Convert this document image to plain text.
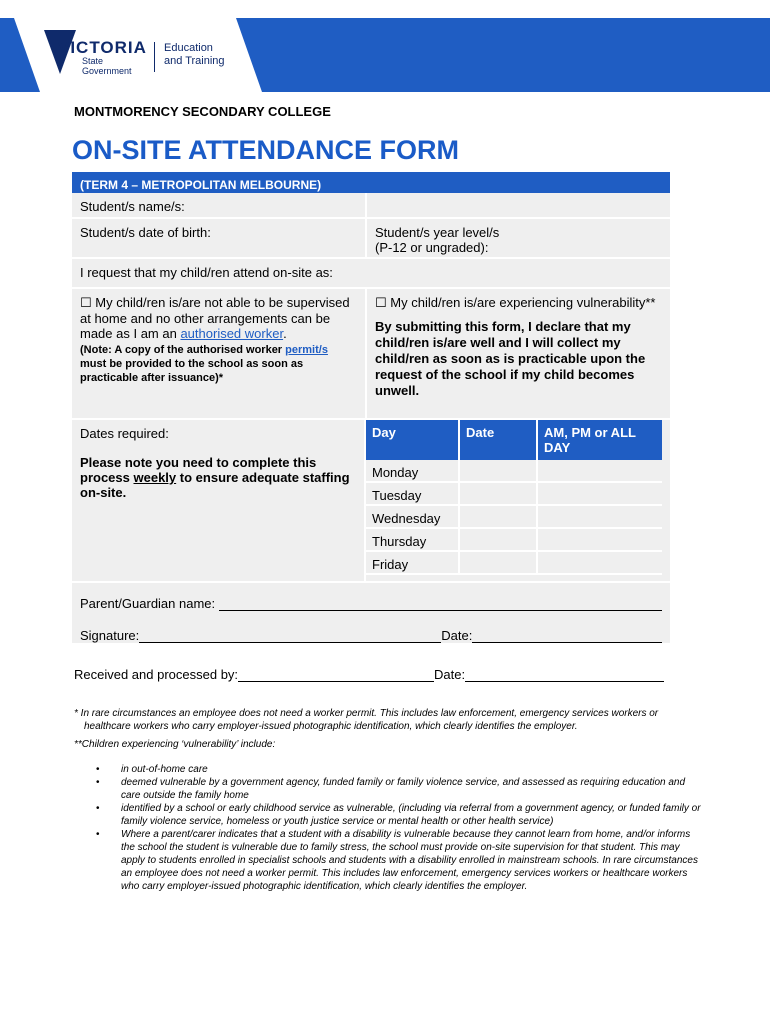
VICTORIA
State
Government
Education
and Training
MONTMORENCY SECONDARY COLLEGE
ON-SITE ATTENDANCE FORM
(TERM 4 – METROPOLITAN MELBOURNE)
Student/s name/s:
Student/s date of birth:	Student/s year level/s
(P-12 or ungraded):
I request that my child/ren attend on-site as:
☐ My child/ren is/are not able to be supervised at home and no other arrangements can be made as I am an authorised worker.
(Note: A copy of the authorised worker permit/s must be provided to the school as soon as practicable after issuance)*
☐ My child/ren is/are experiencing vulnerability**
By submitting this form, I declare that my child/ren is/are well and I will collect my child/ren as soon as is practicable upon the request of the school if my child becomes unwell.
Dates required:
Please note you need to complete this process weekly to ensure adequate staffing on-site.
Day	Date	AM, PM or ALL DAY
Monday
Tuesday
Wednesday
Thursday
Friday
Parent/Guardian name:
Signature:	Date:
Received and processed by:	Date:

* In rare circumstances an employee does not need a worker permit. This includes law enforcement, emergency services workers or healthcare workers who carry employer-issued photographic identification, which clearly identifies the employer.

**Children experiencing ‘vulnerability’ include:

• in out-of-home care
• deemed vulnerable by a government agency, funded family or family violence service, and assessed as requiring education and care outside the family home
• identified by a school or early childhood service as vulnerable, (including via referral from a government agency, or funded family or family violence service, homeless or youth justice service or mental health or other health service)
• Where a parent/carer indicates that a student with a disability is vulnerable because they cannot learn from home, and/or informs the school the student is vulnerable due to family stress, the school must provide on-site supervision for that student. This may apply to students enrolled in specialist schools and students with a disability enrolled in mainstream schools. In rare circumstances an employee does not need a worker permit. This includes law enforcement, emergency services workers or healthcare workers who carry employer-issued photographic identification, which clearly identifies the employer.
